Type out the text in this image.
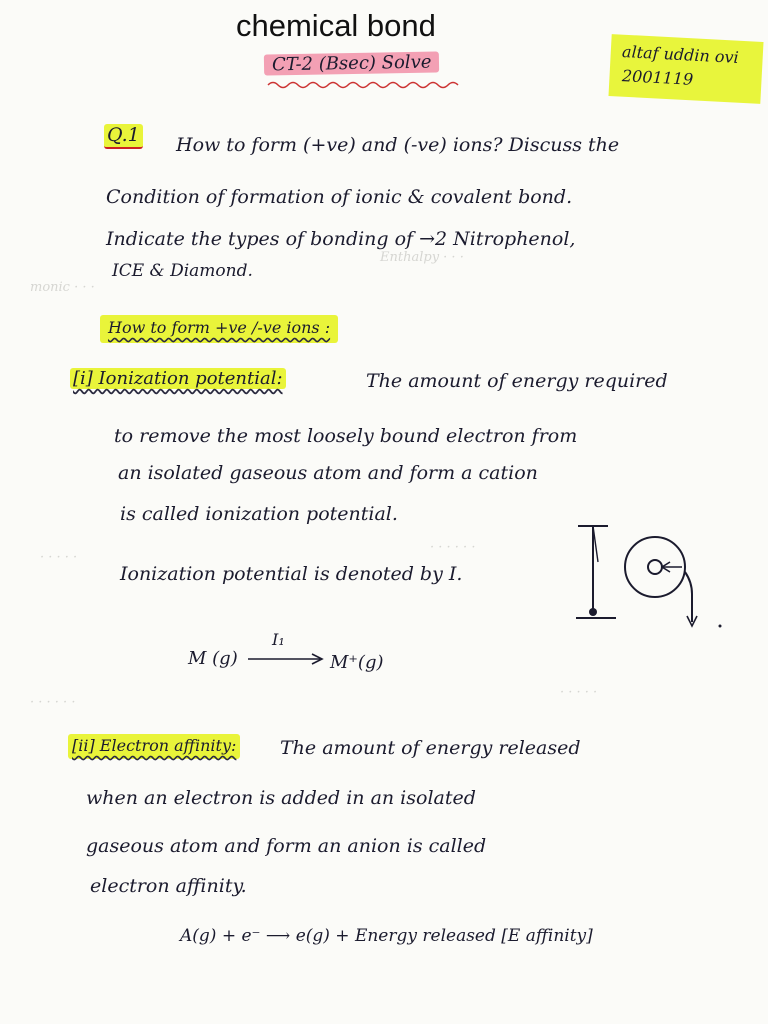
Enthalpy · · ·
monic · · ·
· · · · · ·
· · · · ·
· · · · · ·
· · · · ·
chemical bond
CT-2 (Bsec) Solve	altaf uddin ovi
2001119
Q.1 How to form (+ve) and (-ve) ions? Discuss the
Condition of formation of ionic & covalent bond.
Indicate the types of bonding of →2 Nitrophenol,
ICE & Diamond.
How to form +ve /-ve ions :
[i] Ionization potential:	The amount of energy required
to remove the most loosely bound electron from
an isolated gaseous atom and form a cation
is called ionization potential.
Ionization potential is denoted by I.
M (g)
I₁
M⁺(g)
[ii] Electron affinity: The amount of energy released
when an electron is added in an isolated
gaseous atom and form an anion is called
electron affinity.
A(g) + e⁻ ⟶ e(g) + Energy released [E affinity]
